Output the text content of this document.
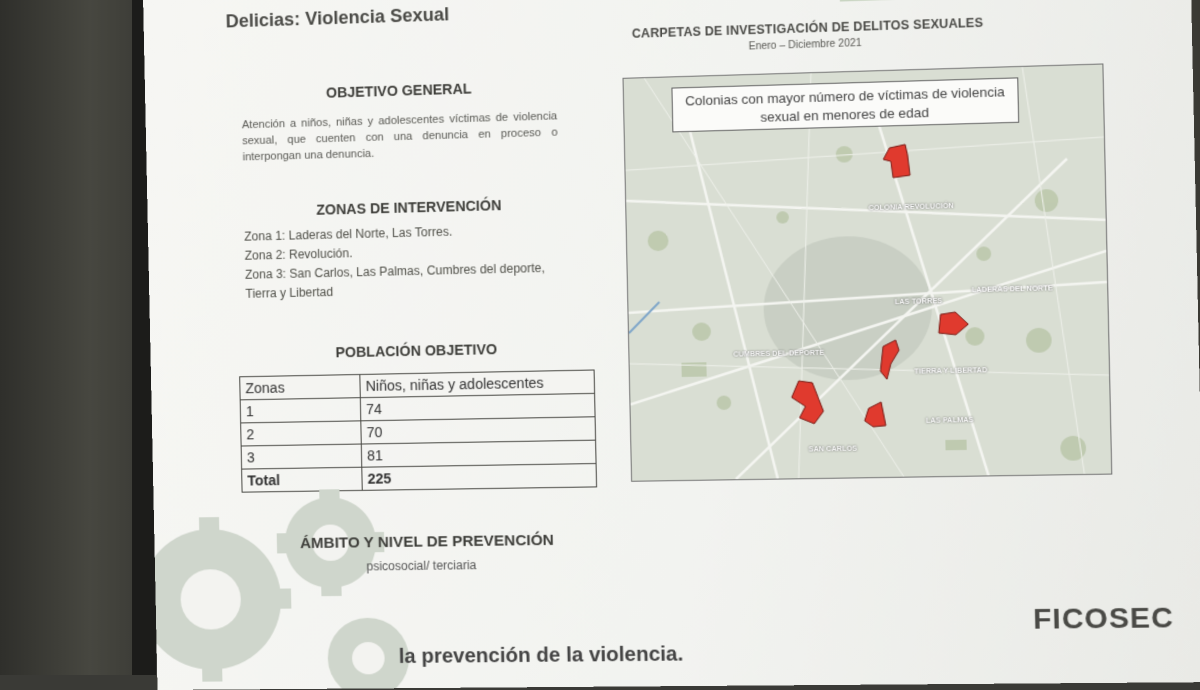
Delicias: Violencia Sexual
OBJETIVO GENERAL
Atención a niños, niñas y adolescentes víctimas de violencia sexual, que cuenten con una denuncia en proceso o interpongan una denuncia.
ZONAS DE INTERVENCIÓN
Zona 1: Laderas del Norte, Las Torres.
Zona 2: Revolución.
Zona 3: San Carlos, Las Palmas, Cumbres del deporte,
Tierra y Libertad
POBLACIÓN OBJETIVO
Zonas	Niños, niñas y adolescentes
1	74
2	70
3	81
Total	225
ÁMBITO Y NIVEL DE PREVENCIÓN
psicosocial/ terciaria
CARPETAS DE INVESTIGACIÓN DE DELITOS SEXUALES
Enero – Diciembre 2021
Colonias con mayor número de víctimas de violencia sexual en menores de edad
COLONIA REVOLUCIÓN
LAS TORRES
LADERAS DEL NORTE
CUMBRES DEL DEPORTE
TIERRA Y LIBERTAD
LAS PALMAS
SAN CARLOS
la prevención de la violencia.
FICOSEC
